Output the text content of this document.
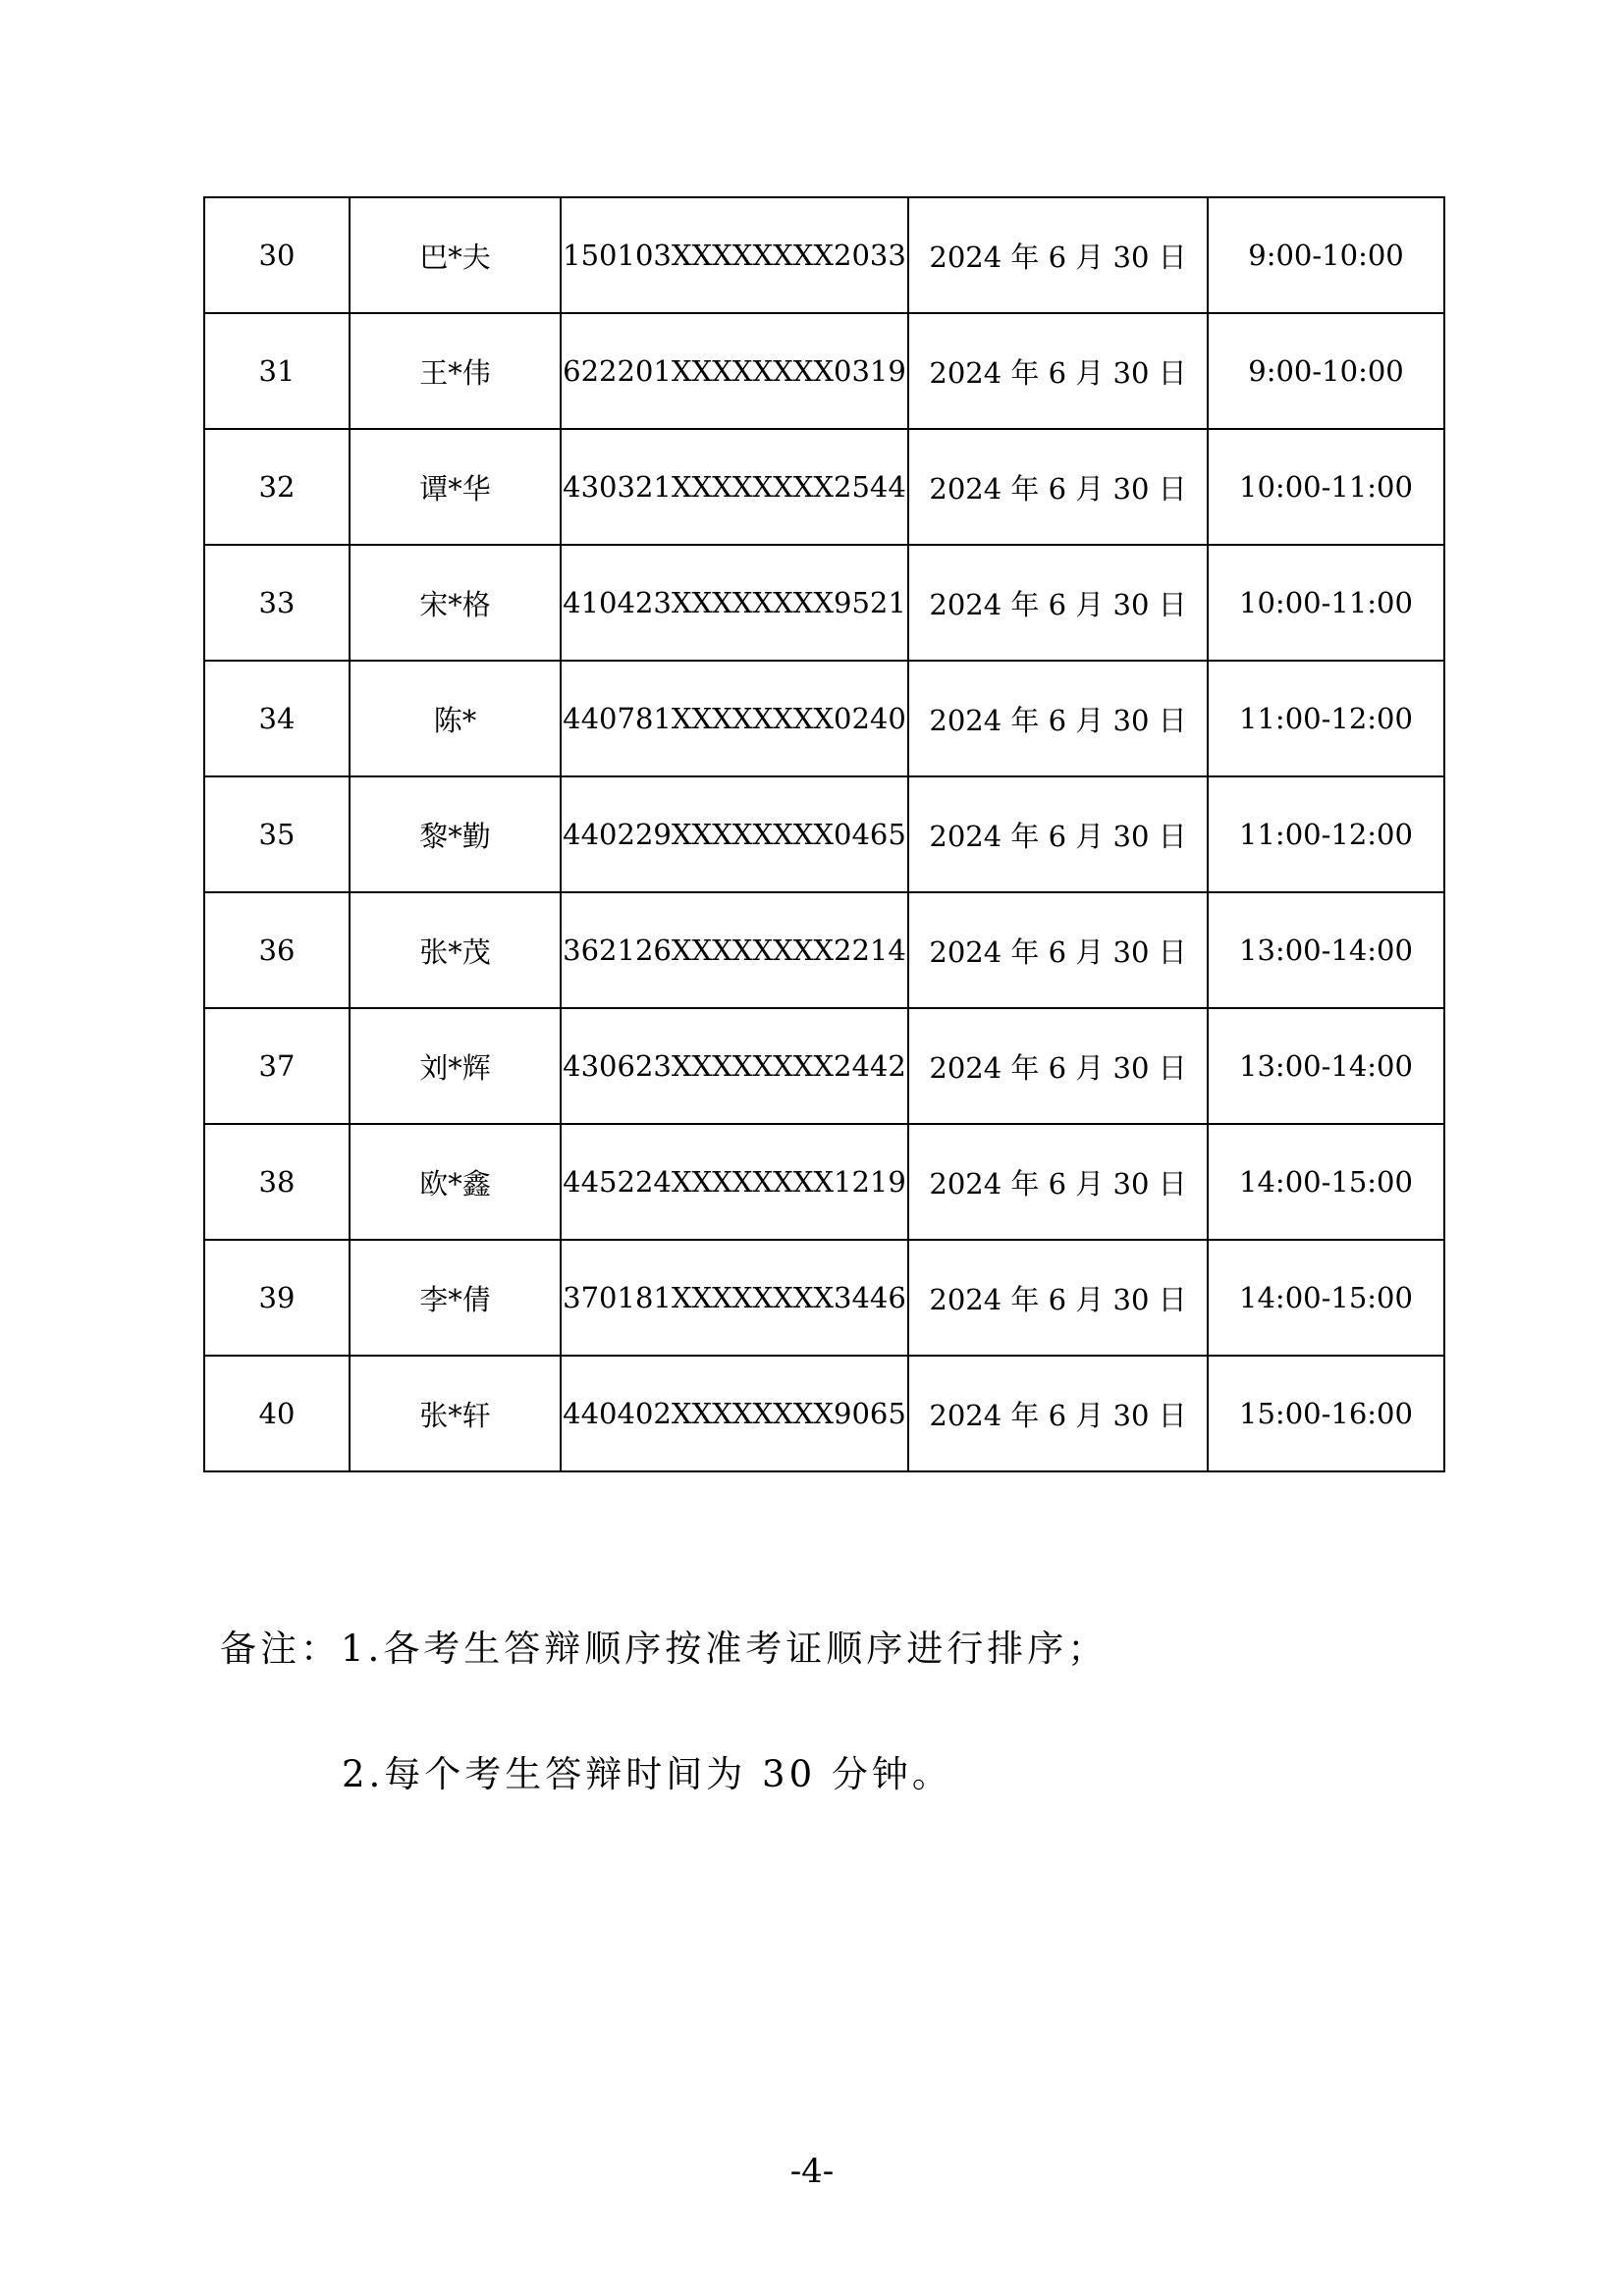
30	巴*夫	150103XXXXXXXX2033	2024 年 6 月 30 日	9:00-10:00
31	王*伟	622201XXXXXXXX0319	2024 年 6 月 30 日	9:00-10:00
32	谭*华	430321XXXXXXXX2544	2024 年 6 月 30 日	10:00-11:00
33	宋*格	410423XXXXXXXX9521	2024 年 6 月 30 日	10:00-11:00
34	陈*	440781XXXXXXXX0240	2024 年 6 月 30 日	11:00-12:00
35	黎*勤	440229XXXXXXXX0465	2024 年 6 月 30 日	11:00-12:00
36	张*茂	362126XXXXXXXX2214	2024 年 6 月 30 日	13:00-14:00
37	刘*辉	430623XXXXXXXX2442	2024 年 6 月 30 日	13:00-14:00
38	欧*鑫	445224XXXXXXXX1219	2024 年 6 月 30 日	14:00-15:00
39	李*倩	370181XXXXXXXX3446	2024 年 6 月 30 日	14:00-15:00
40	张*轩	440402XXXXXXXX9065	2024 年 6 月 30 日	15:00-16:00
备注：1.各考生答辩顺序按准考证顺序进行排序；
2.每个考生答辩时间为 30 分钟。
-4-
